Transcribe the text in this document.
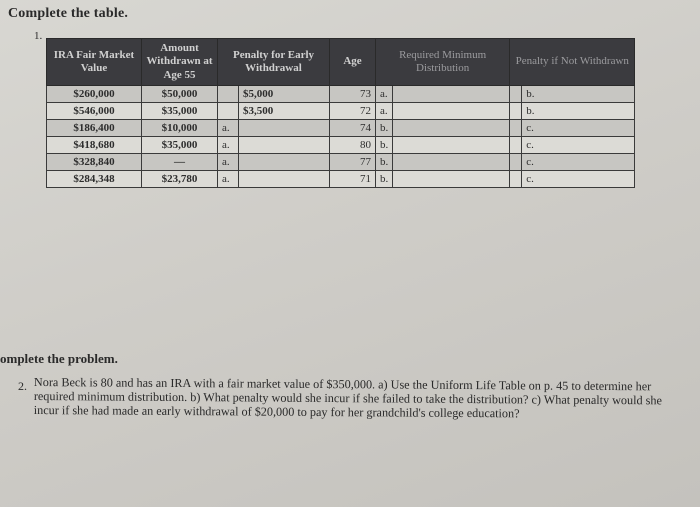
Complete the table.
1.
IRA Fair Market Value	Amount Withdrawn at Age 55	Penalty for Early Withdrawal		Age	Required Minimum Distribution		Penalty if Not Withdrawn	
$260,000	$50,000		$5,000	73	a.			b.
$546,000	$35,000		$3,500	72	a.			b.
$186,400	$10,000	a.		74	b.			c.
$418,680	$35,000	a.		80	b.			c.
$328,840	—	a.		77	b.			c.
$284,348	$23,780	a.		71	b.			c.
omplete the problem.
2. Nora Beck is 80 and has an IRA with a fair market value of $350,000. a) Use the Uniform Life Table on p. 45 to determine her required minimum distribution. b) What penalty would she incur if she failed to take the distribution? c) What penalty would she incur if she had made an early withdrawal of $20,000 to pay for her grandchild's college education?
